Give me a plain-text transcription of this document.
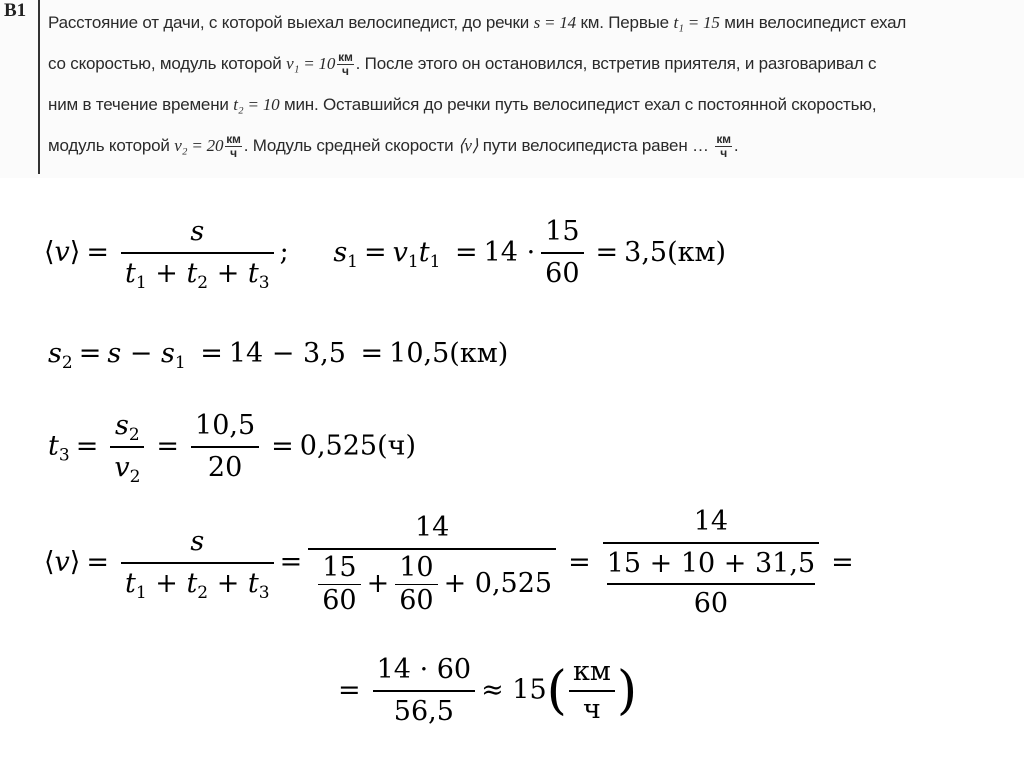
В1
Расстояние от дачи, с которой выехал велосипедист, до речки s = 14 км. Первые t₁ = 15 мин велосипедист ехал
со скоростью, модуль которой v₁ = 10 км
ч . После этого он остановился, встретив приятеля, и разговаривал с
ним в течение времени t₂ = 10 мин. Оставшийся до речки путь велосипедист ехал с постоянной скоростью,
модуль которой v₂ = 20 км
ч . Модуль средней скорости ⟨v⟩ пути велосипедиста равен … км
ч .
⟨𝑣⟩ = $\frac{\text{𝑠}}{𝑡_1 + 𝑡_2 + 𝑡_3}$ ; 𝑠$_1$ = 𝑣$_1$𝑡$_1$ = $14 \cdot \frac{15}{60} = 3,5(км)$
𝑠$_2$ = 𝑠 − 𝑠$_1$ = 14 − 3,5 = 10,5(км)
𝑡$_3$ = $\frac{𝑠_2}{𝑣_2} = \frac{10,5}{20} = 0,525(ч)$
⟨𝑣⟩ = $\frac{\text{𝑠}}{𝑡_1 + 𝑡_2 + 𝑡_3} = \frac{14}{\frac{15}{60} + \frac{10}{60} + 0,525} = 14$
15 + 10 + 31,5
60 =
= $\frac{14 \cdot 60}{56,5} \approx 15( \frac{км}{ч}$ )
